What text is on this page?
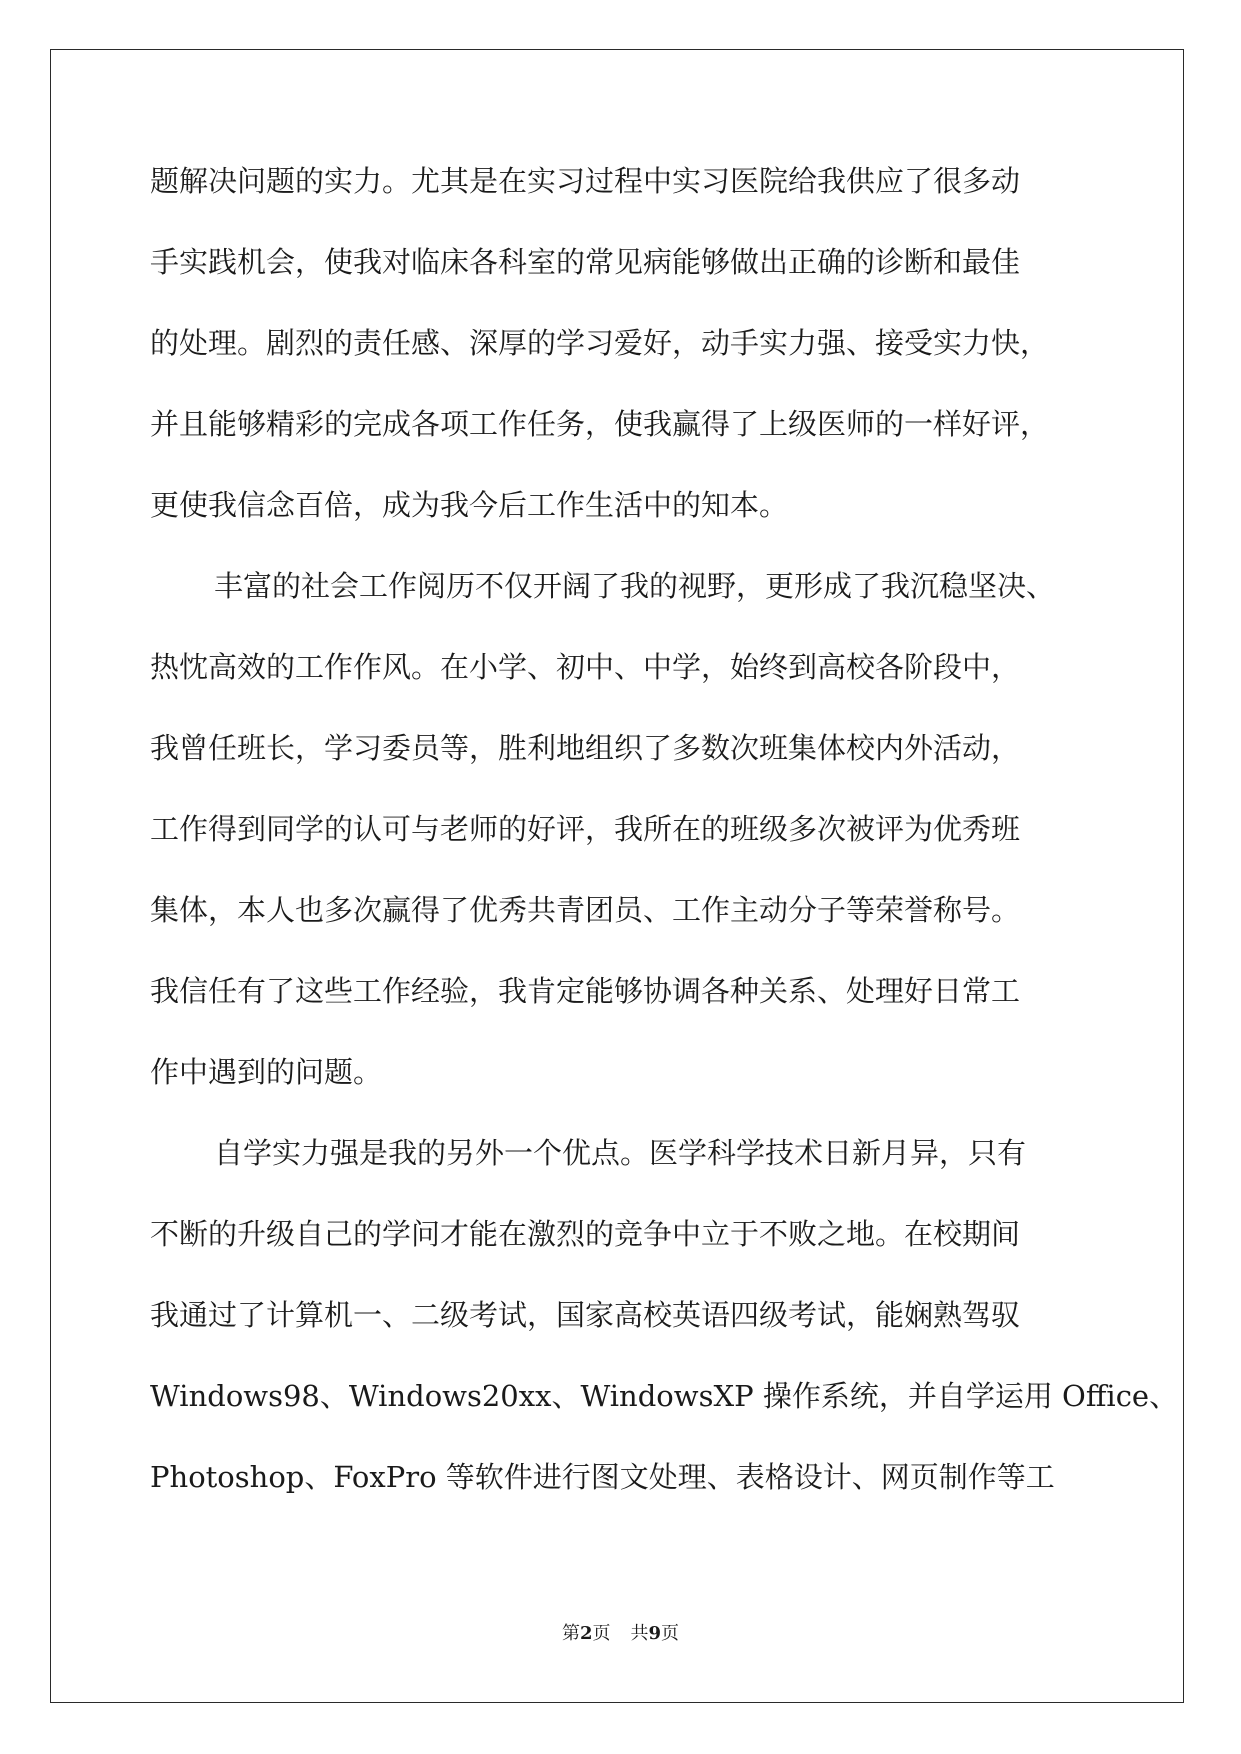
题解决问题的实力。尤其是在实习过程中实习医院给我供应了很多动
手实践机会，使我对临床各科室的常见病能够做出正确的诊断和最佳
的处理。剧烈的责任感、深厚的学习爱好，动手实力强、接受实力快，
并且能够精彩的完成各项工作任务，使我赢得了上级医师的一样好评，
更使我信念百倍，成为我今后工作生活中的知本。
丰富的社会工作阅历不仅开阔了我的视野，更形成了我沉稳坚决、
热忱高效的工作作风。在小学、初中、中学，始终到高校各阶段中，
我曾任班长，学习委员等，胜利地组织了多数次班集体校内外活动，
工作得到同学的认可与老师的好评，我所在的班级多次被评为优秀班
集体，本人也多次赢得了优秀共青团员、工作主动分子等荣誉称号。
我信任有了这些工作经验，我肯定能够协调各种关系、处理好日常工
作中遇到的问题。
自学实力强是我的另外一个优点。医学科学技术日新月异，只有
不断的升级自己的学问才能在激烈的竞争中立于不败之地。在校期间
我通过了计算机一、二级考试，国家高校英语四级考试，能娴熟驾驭
Windows98、Windows20xx、WindowsXP 操作系统，并自学运用 Office、
Photoshop、FoxPro 等软件进行图文处理、表格设计、网页制作等工
第2页 共9页
